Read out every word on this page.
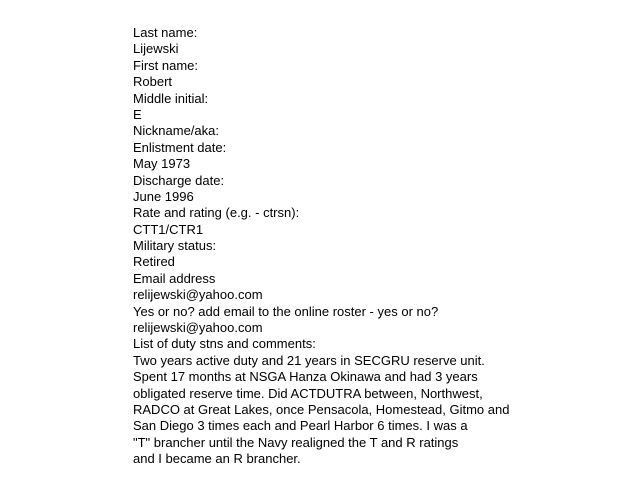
Last name:
Lijewski
First name:
Robert
Middle initial:
E
Nickname/aka:
Enlistment date:
May 1973
Discharge date:
June 1996
Rate and rating (e.g. - ctrsn):
CTT1/CTR1
Military status:
Retired
Email address
relijewski@yahoo.com
Yes or no? add email to the online roster - yes or no?
relijewski@yahoo.com
List of duty stns and comments:
Two years active duty and 21 years in SECGRU reserve unit.
Spent 17 months at NSGA Hanza Okinawa and had 3 years
obligated reserve time. Did ACTDUTRA between, Northwest,
RADCO at Great Lakes, once Pensacola, Homestead, Gitmo and
San Diego 3 times each and Pearl Harbor 6 times. I was a
"T" brancher until the Navy realigned the T and R ratings
and I became an R brancher.
